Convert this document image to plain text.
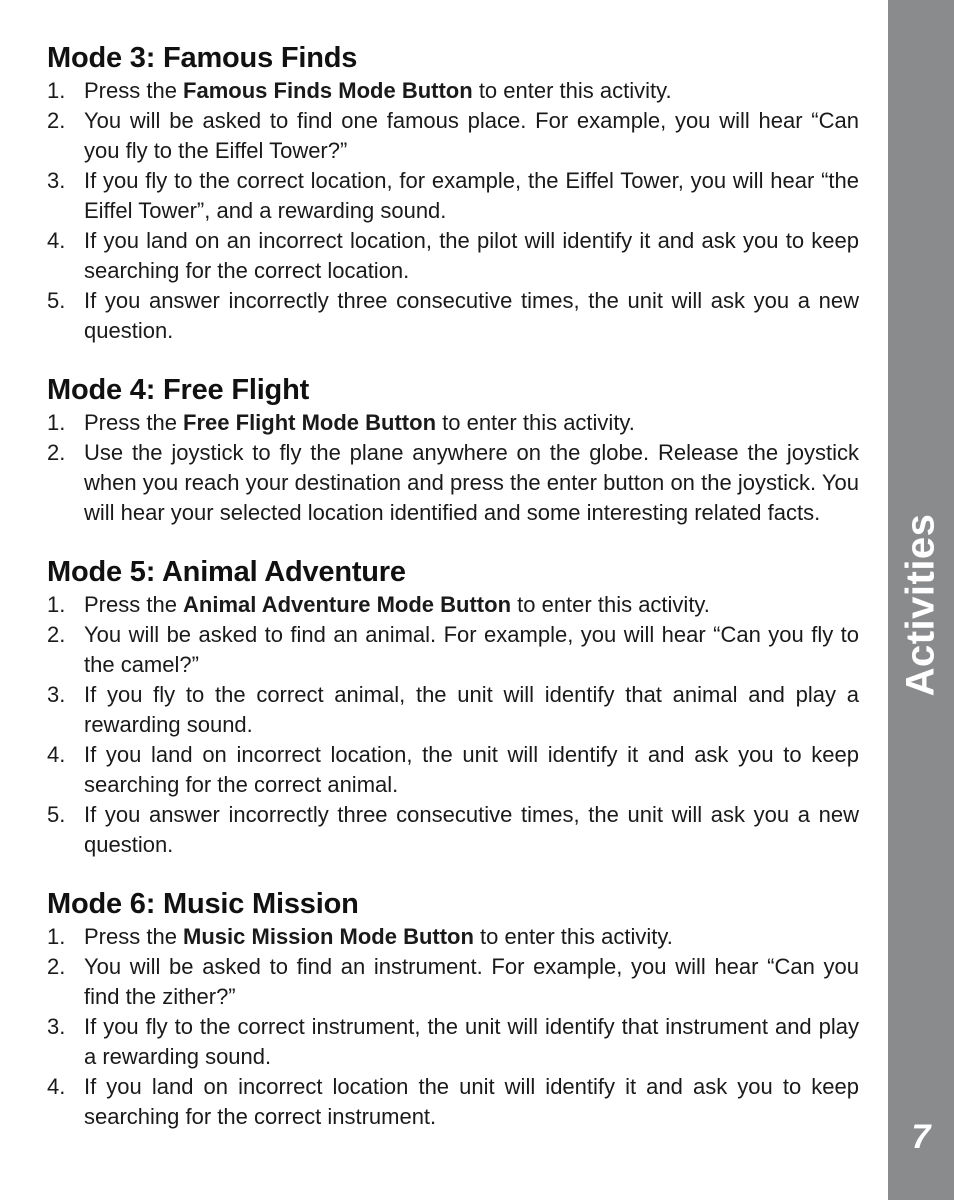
Mode 3: Famous Finds
1. Press the Famous Finds Mode Button to enter this activity.
2. You will be asked to find one famous place. For example, you will hear “Can you fly to the Eiffel Tower?”
3. If you fly to the correct location, for example, the Eiffel Tower, you will hear “the Eiffel Tower”, and a rewarding sound.
4. If you land on an incorrect location, the pilot will identify it and ask you to keep searching for the correct location.
5. If you answer incorrectly three consecutive times, the unit will ask you a new question.
Mode 4: Free Flight
1. Press the Free Flight Mode Button to enter this activity.
2. Use the joystick to fly the plane anywhere on the globe. Release the joystick when you reach your destination and press the enter button on the joystick. You will hear your selected location identified and some interesting related facts.
Mode 5: Animal Adventure
1. Press the Animal Adventure Mode Button to enter this activity.
2. You will be asked to find an animal. For example, you will hear “Can you fly to the camel?”
3. If you fly to the correct animal, the unit will identify that animal and play a rewarding sound.
4. If you land on incorrect location, the unit will identify it and ask you to keep searching for the correct animal.
5. If you answer incorrectly three consecutive times, the unit will ask you a new question.
Mode 6: Music Mission
1. Press the Music Mission Mode Button to enter this activity.
2. You will be asked to find an instrument. For example, you will hear “Can you find the zither?”
3. If you fly to the correct instrument, the unit will identify that instrument and play a rewarding sound.
4. If you land on incorrect location the unit will identify it and ask you to keep searching for the correct instrument.
Activities
7
